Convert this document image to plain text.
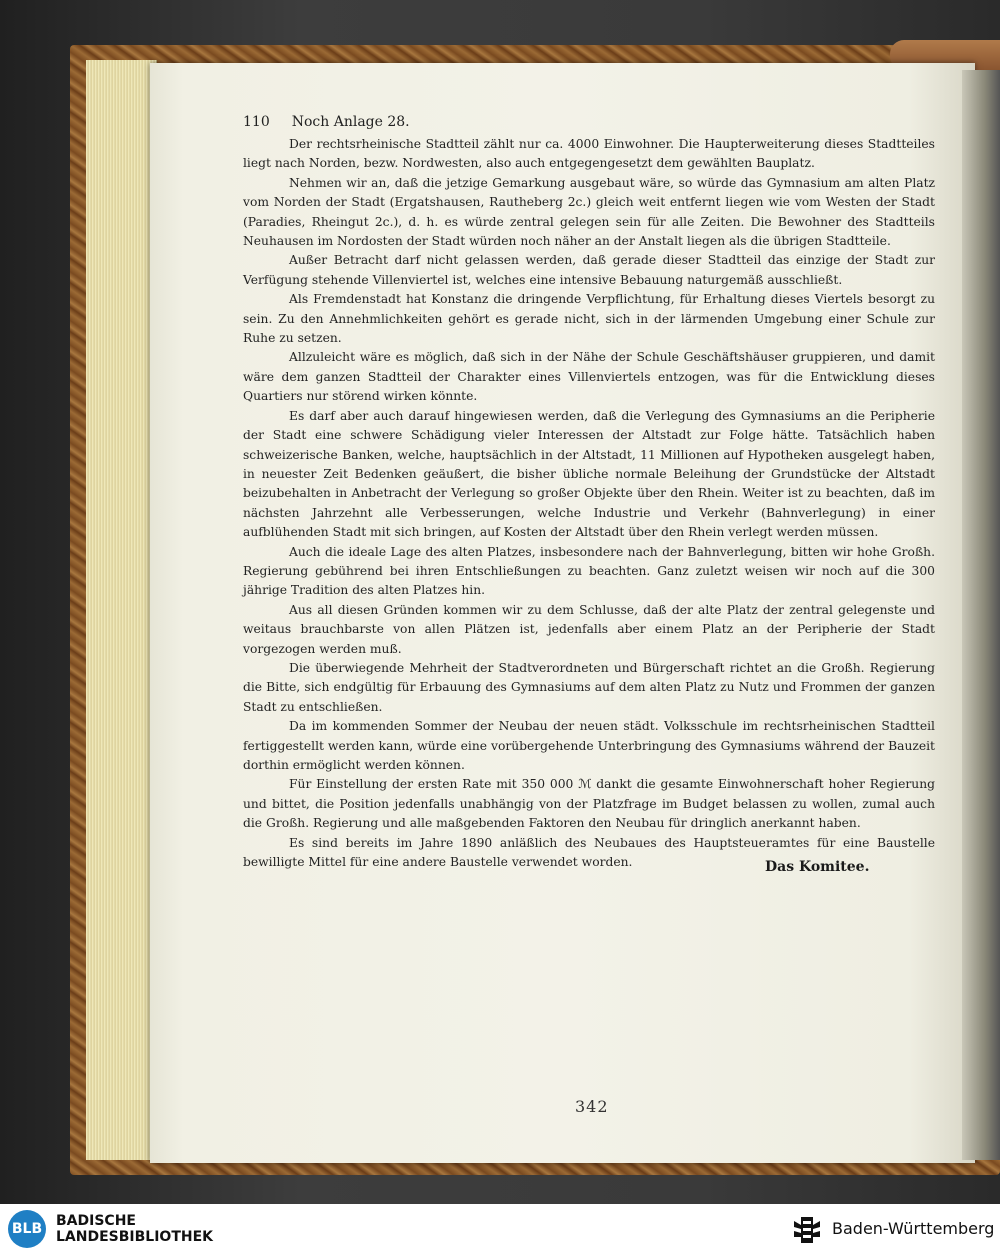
110 Noch Anlage 28.

Der rechtsrheinische Stadtteil zählt nur ca. 4000 Einwohner. Die Haupterweiterung dieses Stadtteiles liegt nach Norden, bezw. Nordwesten, also auch entgegengesetzt dem gewählten Bauplatz.

Nehmen wir an, daß die jetzige Gemarkung ausgebaut wäre, so würde das Gymnasium am alten Platz vom Norden der Stadt (Ergatshausen, Rautheberg 2c.) gleich weit entfernt liegen wie vom Westen der Stadt (Paradies, Rheingut 2c.), d. h. es würde zentral gelegen sein für alle Zeiten. Die Bewohner des Stadtteils Neuhausen im Nordosten der Stadt würden noch näher an der Anstalt liegen als die übrigen Stadtteile.

Außer Betracht darf nicht gelassen werden, daß gerade dieser Stadtteil das einzige der Stadt zur Verfügung stehende Villenviertel ist, welches eine intensive Bebauung naturgemäß ausschließt.

Als Fremdenstadt hat Konstanz die dringende Verpflichtung, für Erhaltung dieses Viertels besorgt zu sein. Zu den Annehmlichkeiten gehört es gerade nicht, sich in der lärmenden Umgebung einer Schule zur Ruhe zu setzen.

Allzuleicht wäre es möglich, daß sich in der Nähe der Schule Geschäftshäuser gruppieren, und damit wäre dem ganzen Stadtteil der Charakter eines Villenviertels entzogen, was für die Entwicklung dieses Quartiers nur störend wirken könnte.

Es darf aber auch darauf hingewiesen werden, daß die Verlegung des Gymnasiums an die Peripherie der Stadt eine schwere Schädigung vieler Interessen der Altstadt zur Folge hätte. Tatsächlich haben schweizerische Banken, welche, hauptsächlich in der Altstadt, 11 Millionen auf Hypotheken ausgelegt haben, in neuester Zeit Bedenken geäußert, die bisher übliche normale Beleihung der Grundstücke der Altstadt beizubehalten in Anbetracht der Verlegung so großer Objekte über den Rhein. Weiter ist zu beachten, daß im nächsten Jahrzehnt alle Verbesserungen, welche Industrie und Verkehr (Bahnverlegung) in einer aufblühenden Stadt mit sich bringen, auf Kosten der Altstadt über den Rhein verlegt werden müssen.

Auch die ideale Lage des alten Platzes, insbesondere nach der Bahnverlegung, bitten wir hohe Großh. Regierung gebührend bei ihren Entschließungen zu beachten. Ganz zuletzt weisen wir noch auf die 300 jährige Tradition des alten Platzes hin.

Aus all diesen Gründen kommen wir zu dem Schlusse, daß der alte Platz der zentral gelegenste und weitaus brauchbarste von allen Plätzen ist, jedenfalls aber einem Platz an der Peripherie der Stadt vorgezogen werden muß.

Die überwiegende Mehrheit der Stadtverordneten und Bürgerschaft richtet an die Großh. Regierung die Bitte, sich endgültig für Erbauung des Gymnasiums auf dem alten Platz zu Nutz und Frommen der ganzen Stadt zu entschließen.

Da im kommenden Sommer der Neubau der neuen städt. Volksschule im rechtsrheinischen Stadtteil fertiggestellt werden kann, würde eine vorübergehende Unterbringung des Gymnasiums während der Bauzeit dorthin ermöglicht werden können.

Für Einstellung der ersten Rate mit 350 000 ℳ dankt die gesamte Einwohnerschaft hoher Regierung und bittet, die Position jedenfalls unabhängig von der Platzfrage im Budget belassen zu wollen, zumal auch die Großh. Regierung und alle maßgebenden Faktoren den Neubau für dringlich anerkannt haben.

Es sind bereits im Jahre 1890 anläßlich des Neubaues des Hauptsteueramtes für eine Baustelle bewilligte Mittel für eine andere Baustelle verwendet worden.	Das Komitee.
342
BLB BADISCHE
LANDESBIBLIOTHEK	Baden-Württemberg
